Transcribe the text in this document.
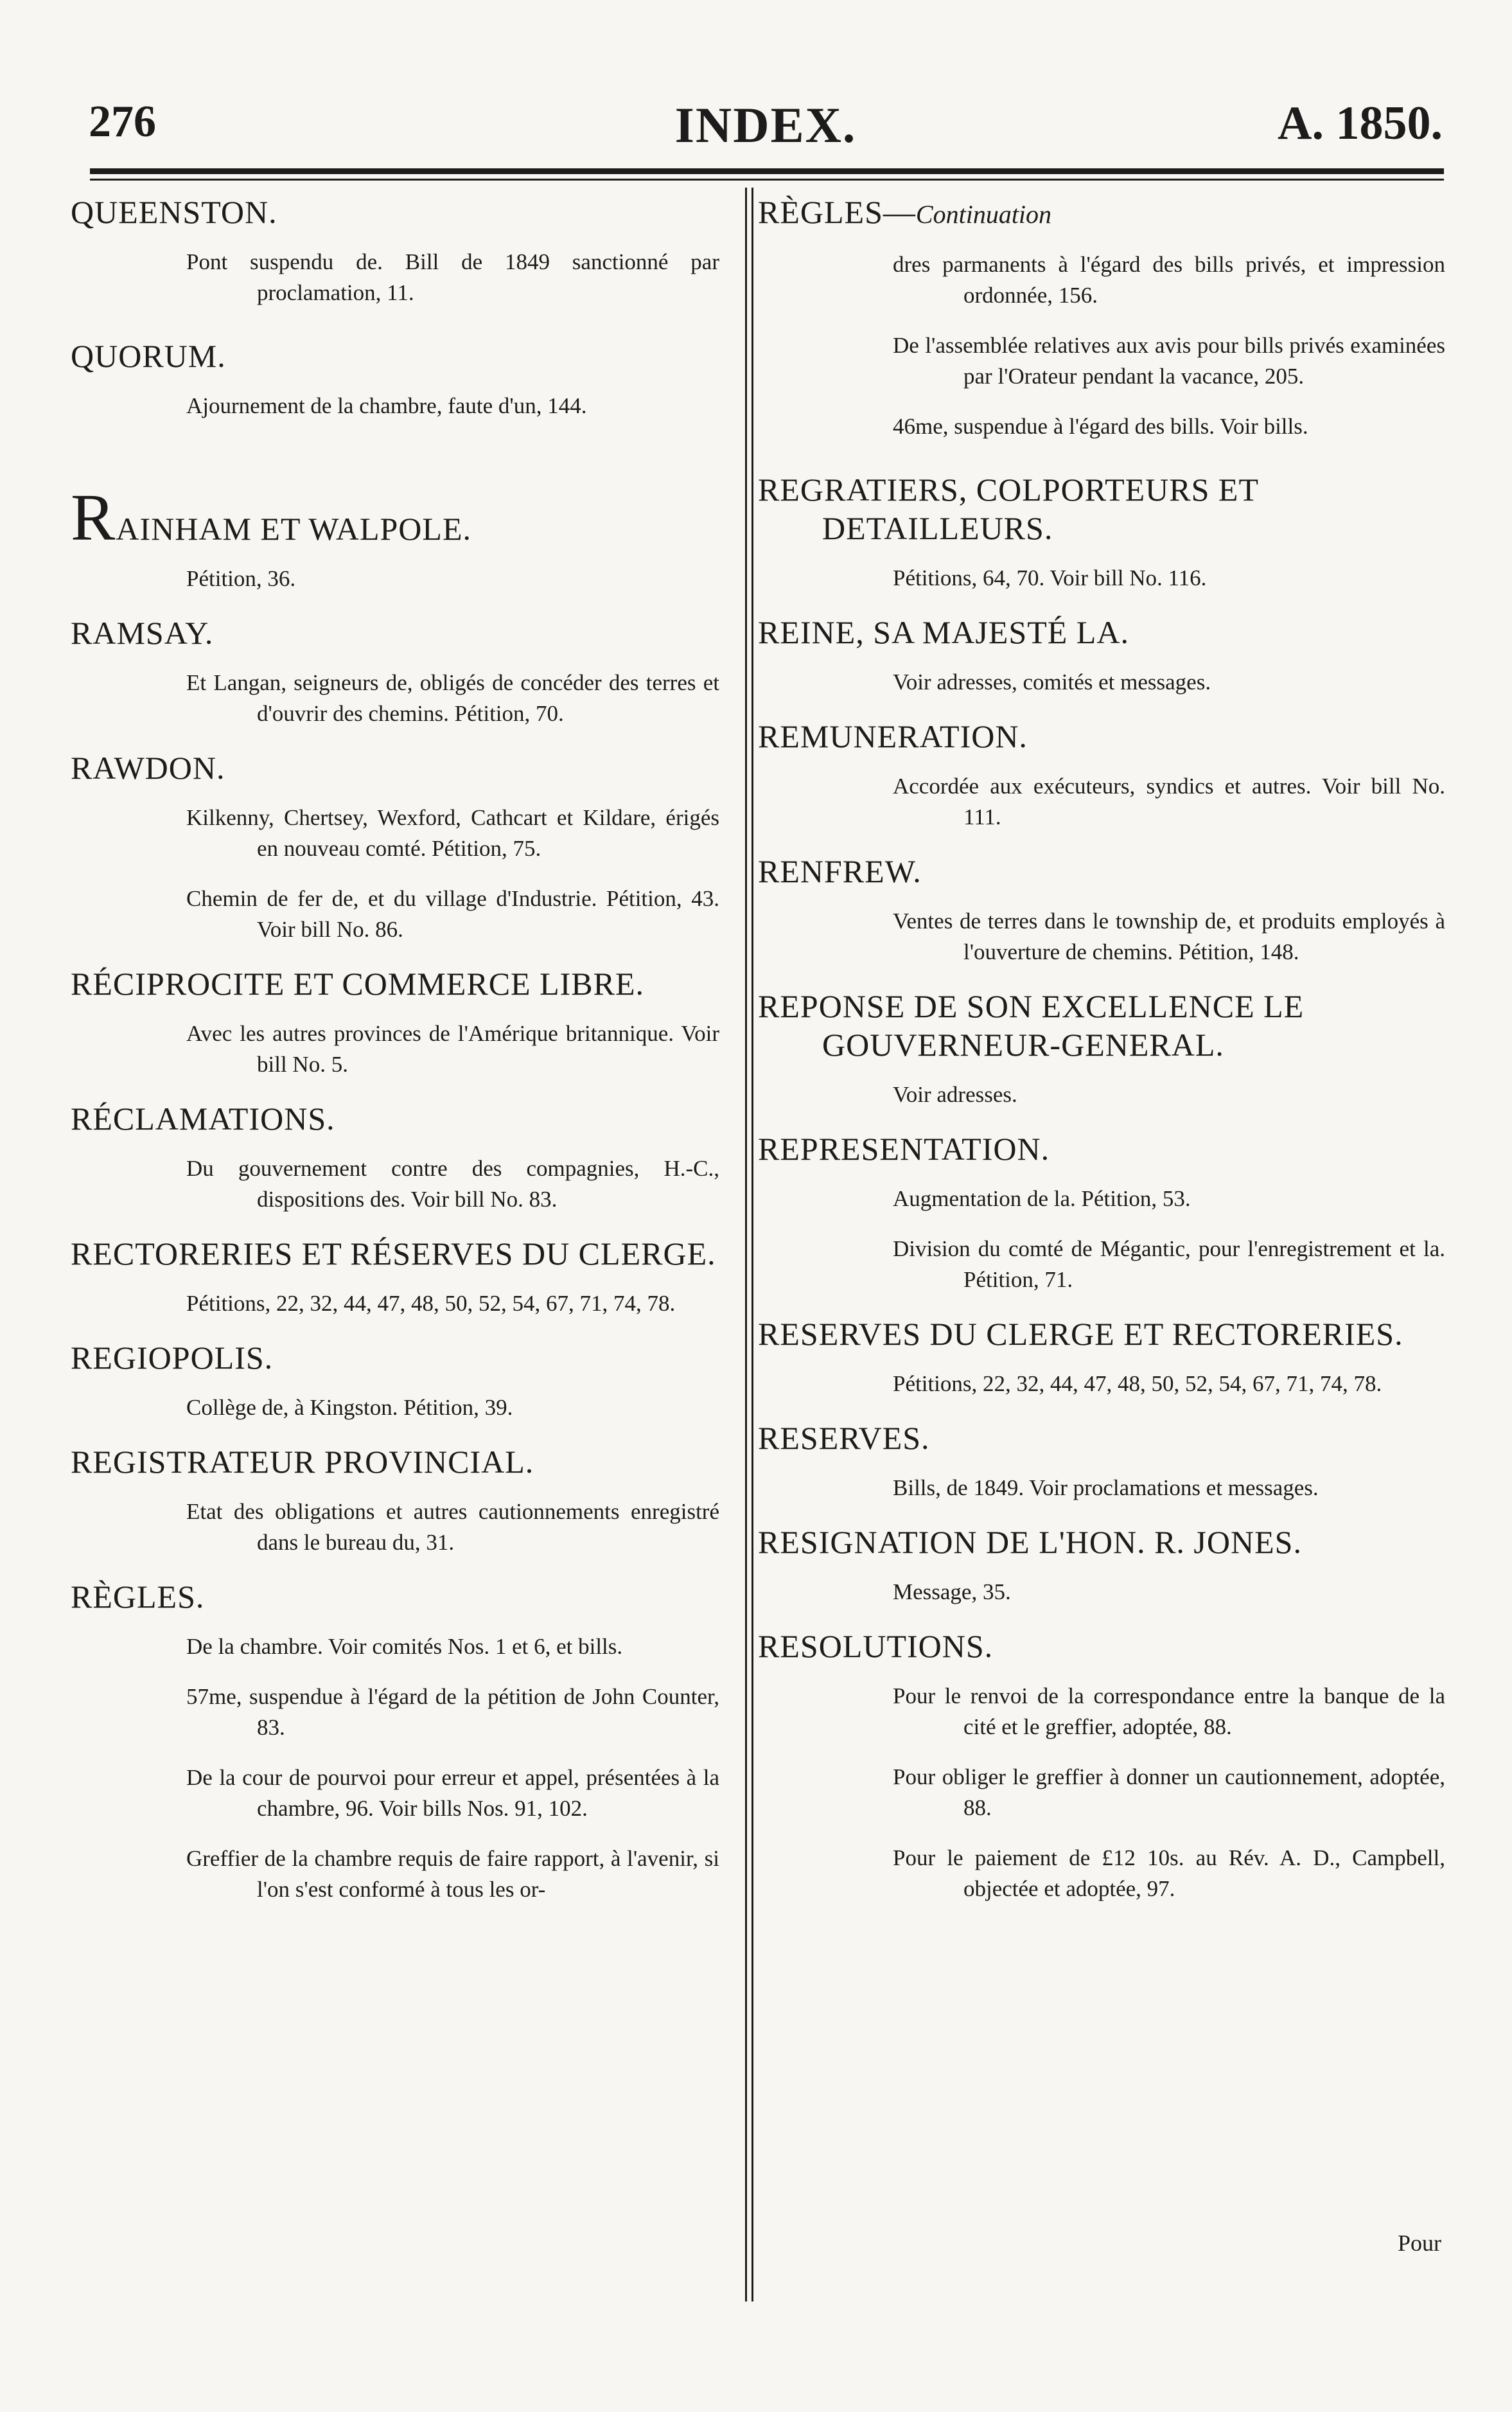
276	INDEX.	A. 1850.
QUEENSTON.
Pont suspendu de. Bill de 1849 sanctionné par proclamation, 11.
QUORUM.
Ajournement de la chambre, faute d'un, 144.
RAINHAM ET WALPOLE.
Pétition, 36.
RAMSAY.
Et Langan, seigneurs de, obligés de concéder des terres et d'ouvrir des chemins. Pétition, 70.
RAWDON.
Kilkenny, Chertsey, Wexford, Cathcart et Kildare, érigés en nouveau comté. Pétition, 75.
Chemin de fer de, et du village d'Industrie. Pétition, 43. Voir bill No. 86.
RÉCIPROCITE ET COMMERCE LIBRE.
Avec les autres provinces de l'Amérique britannique. Voir bill No. 5.
RÉCLAMATIONS.
Du gouvernement contre des compagnies, H.-C., dispositions des. Voir bill No. 83.
RECTORERIES ET RÉSERVES DU CLERGE.
Pétitions, 22, 32, 44, 47, 48, 50, 52, 54, 67, 71, 74, 78.
REGIOPOLIS.
Collège de, à Kingston. Pétition, 39.
REGISTRATEUR PROVINCIAL.
Etat des obligations et autres cautionnements enregistré dans le bureau du, 31.
RÈGLES.
De la chambre. Voir comités Nos. 1 et 6, et bills.
57me, suspendue à l'égard de la pétition de John Counter, 83.
De la cour de pourvoi pour erreur et appel, présentées à la chambre, 96. Voir bills Nos. 91, 102.
Greffier de la chambre requis de faire rapport, à l'avenir, si l'on s'est conformé à tous les or-
RÈGLES—Continuation
dres parmanents à l'égard des bills privés, et impression ordonnée, 156.
De l'assemblée relatives aux avis pour bills privés examinées par l'Orateur pendant la vacance, 205.
46me, suspendue à l'égard des bills. Voir bills.
REGRATIERS, COLPORTEURS ET DETAILLEURS.
Pétitions, 64, 70. Voir bill No. 116.
REINE, SA MAJESTÉ LA.
Voir adresses, comités et messages.
REMUNERATION.
Accordée aux exécuteurs, syndics et autres. Voir bill No. 111.
RENFREW.
Ventes de terres dans le township de, et produits employés à l'ouverture de chemins. Pétition, 148.
REPONSE DE SON EXCELLENCE LE GOUVERNEUR-GENERAL.
Voir adresses.
REPRESENTATION.
Augmentation de la. Pétition, 53.
Division du comté de Mégantic, pour l'enregistrement et la. Pétition, 71.
RESERVES DU CLERGE ET RECTORERIES.
Pétitions, 22, 32, 44, 47, 48, 50, 52, 54, 67, 71, 74, 78.
RESERVES.
Bills, de 1849. Voir proclamations et messages.
RESIGNATION DE L'HON. R. JONES.
Message, 35.
RESOLUTIONS.
Pour le renvoi de la correspondance entre la banque de la cité et le greffier, adoptée, 88.
Pour obliger le greffier à donner un cautionnement, adoptée, 88.
Pour le paiement de £12 10s. au Rév. A. D., Campbell, objectée et adoptée, 97.
Pour
